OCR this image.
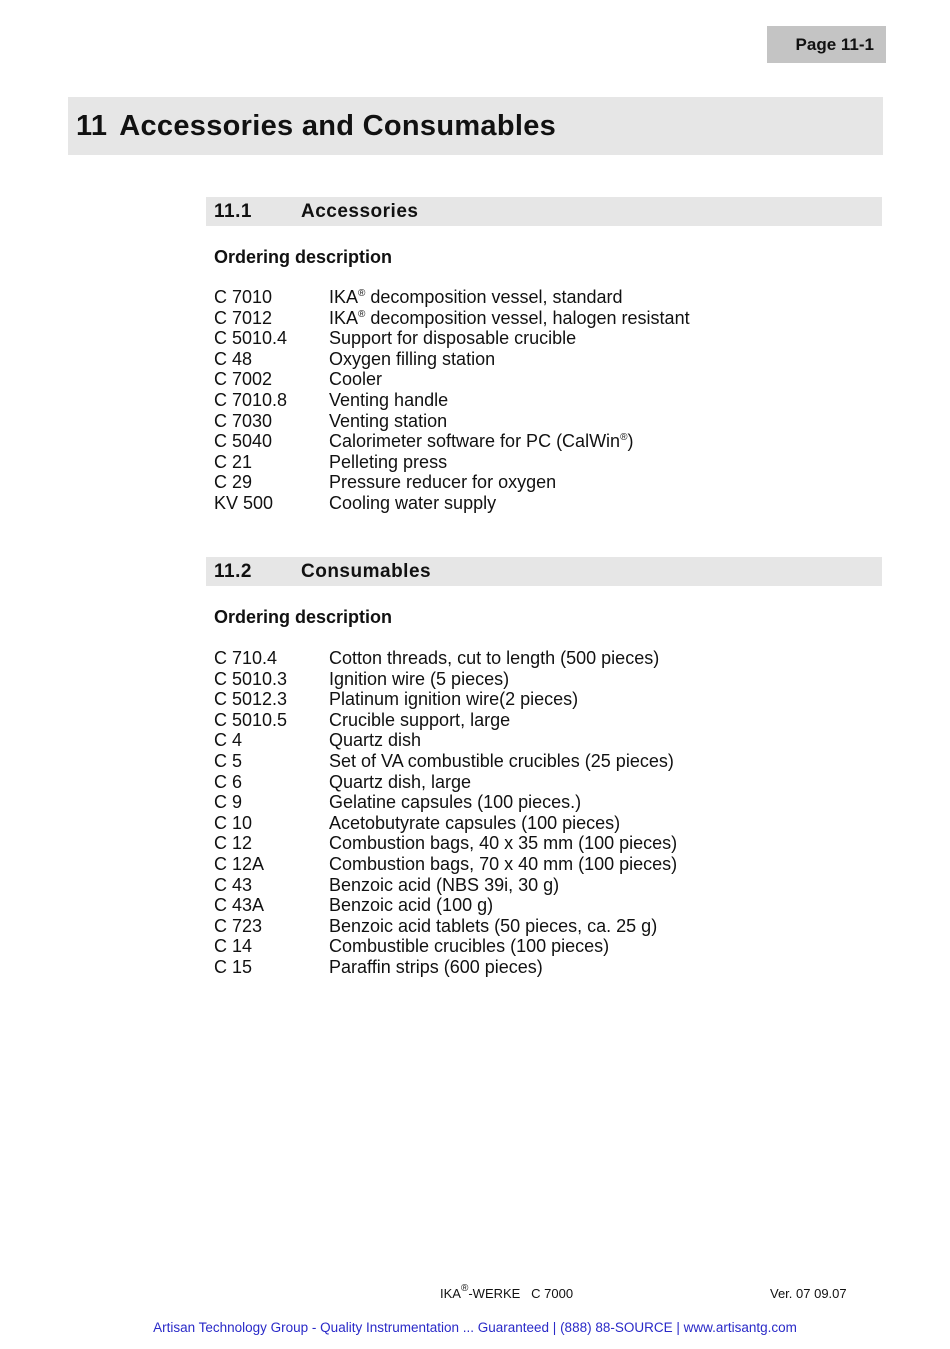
Page 11-1
11 Accessories and Consumables
11.1	Accessories
Ordering description
C 7010	IKA® decomposition vessel, standard
C 7012	IKA® decomposition vessel, halogen resistant
C 5010.4	Support for disposable crucible
C 48	Oxygen filling station
C 7002	Cooler
C 7010.8	Venting handle
C 7030	Venting station
C 5040	Calorimeter software for PC (CalWin®)
C 21	Pelleting press
C 29	Pressure reducer for oxygen
KV 500	Cooling water supply
11.2	Consumables
Ordering description
C 710.4	Cotton threads, cut to length (500 pieces)
C 5010.3	Ignition wire (5 pieces)
C 5012.3	Platinum ignition wire(2 pieces)
C 5010.5	Crucible support, large
C 4	Quartz dish
C 5	Set of VA combustible crucibles (25 pieces)
C 6	Quartz dish, large
C 9	Gelatine capsules (100 pieces.)
C 10	Acetobutyrate capsules (100 pieces)
C 12	Combustion bags, 40 x 35 mm (100 pieces)
C 12A	Combustion bags, 70 x 40 mm (100 pieces)
C 43	Benzoic acid (NBS 39i, 30 g)
C 43A	Benzoic acid (100 g)
C 723	Benzoic acid tablets (50 pieces, ca. 25 g)
C 14	Combustible crucibles (100 pieces)
C 15	Paraffin strips (600 pieces)
IKA®-WERKE   C 7000	Ver. 07 09.07
Artisan Technology Group - Quality Instrumentation ... Guaranteed | (888) 88-SOURCE | www.artisantg.com
